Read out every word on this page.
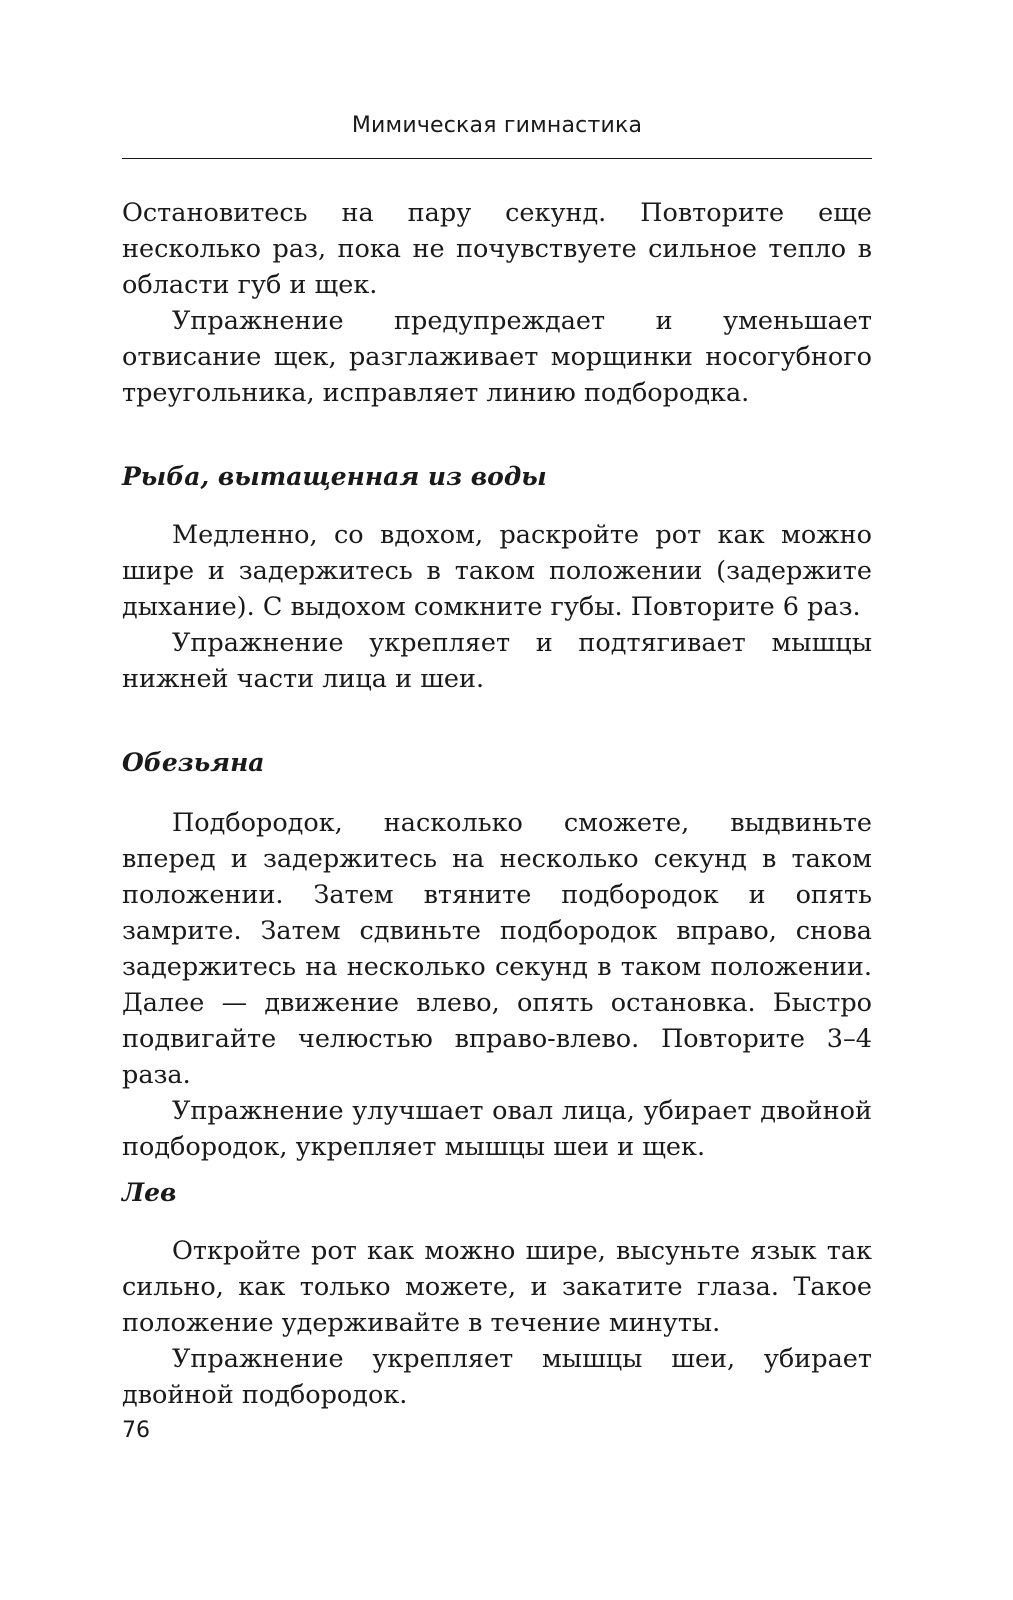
Мимическая гимнастика

Остановитесь на пару секунд. Повторите еще несколько раз, пока не почувствуете сильное тепло в области губ и щек.

Упражнение предупреждает и уменьшает отвисание щек, разглаживает морщинки носогубного треугольника, исправляет линию подбородка.

Рыба, вытащенная из воды

Медленно, со вдохом, раскройте рот как можно шире и задержитесь в таком положении (задержите дыхание). С выдохом сомкните губы. Повторите 6 раз.

Упражнение укрепляет и подтягивает мышцы нижней части лица и шеи.

Обезьяна

Подбородок, насколько сможете, выдвиньте вперед и задержитесь на несколько секунд в таком положении. Затем втяните подбородок и опять замрите. Затем сдвиньте подбородок вправо, снова задержитесь на несколько секунд в таком положении. Далее — движение влево, опять остановка. Быстро подвигайте челюстью вправо-влево. Повторите 3–4 раза.

Упражнение улучшает овал лица, убирает двойной подбородок, укрепляет мышцы шеи и щек.

Лев

Откройте рот как можно шире, высуньте язык так сильно, как только можете, и закатите глаза. Такое положение удерживайте в течение минуты.

Упражнение укрепляет мышцы шеи, убирает двойной подбородок.

76
